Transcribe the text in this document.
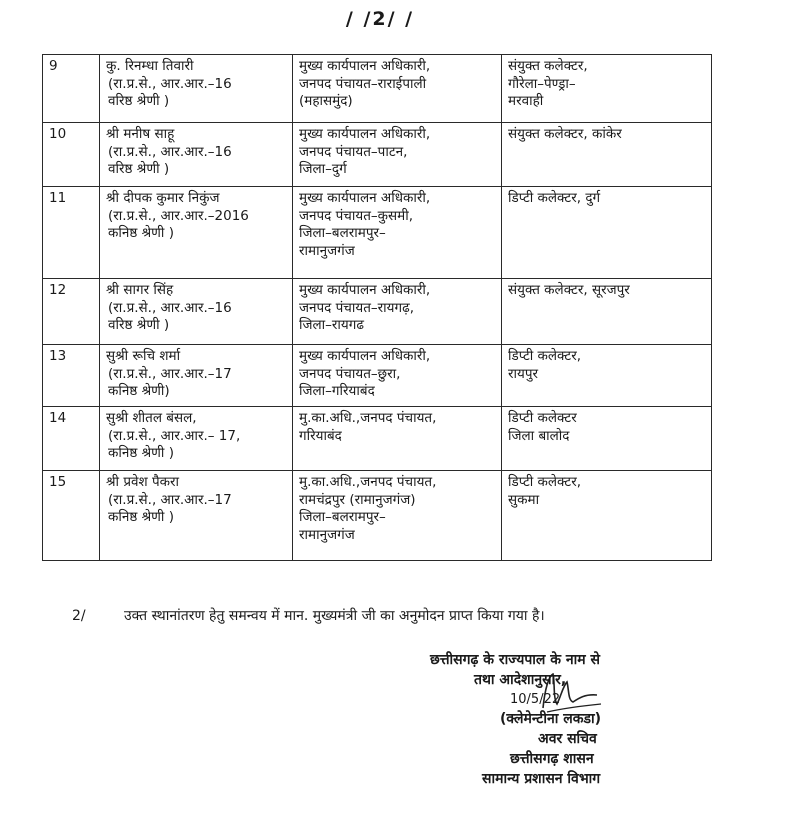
/ /2/ /
9	कु. रिनम्धा तिवारी
(रा.प्र.से., आर.आर.–16
वरिष्ठ श्रेणी )	मुख्य कार्यपालन अधिकारी,
जनपद पंचायत–राराईपाली
(महासमुंद)	संयुक्त कलेक्टर,
गौरेला–पेण्ड्रा–
मरवाही

10	श्री मनीष साहू
(रा.प्र.से., आर.आर.–16
वरिष्ठ श्रेणी )	मुख्य कार्यपालन अधिकारी,
जनपद पंचायत–पाटन,
जिला–दुर्ग	संयुक्त कलेक्टर, कांकेर

11	श्री दीपक कुमार निकुंज
(रा.प्र.से., आर.आर.–2016
कनिष्ठ श्रेणी )	मुख्य कार्यपालन अधिकारी,
जनपद पंचायत–कुसमी,
जिला–बलरामपुर–
रामानुजगंज	डिप्टी कलेक्टर, दुर्ग

12	श्री सागर सिंह
(रा.प्र.से., आर.आर.–16
वरिष्ठ श्रेणी )	मुख्य कार्यपालन अधिकारी,
जनपद पंचायत–रायगढ़,
जिला–रायगढ	संयुक्त कलेक्टर, सूरजपुर

13	सुश्री रूचि शर्मा
(रा.प्र.से., आर.आर.–17
कनिष्ठ श्रेणी)	मुख्य कार्यपालन अधिकारी,
जनपद पंचायत–छुरा,
जिला–गरियाबंद	डिप्टी कलेक्टर,
रायपुर

14	सुश्री शीतल बंसल,
(रा.प्र.से., आर.आर.– 17,
कनिष्ठ श्रेणी )	मु.का.अधि.,जनपद पंचायत,
गरियाबंद	डिप्टी कलेक्टर
जिला बालोद

15	श्री प्रवेश पैकरा
(रा.प्र.से., आर.आर.–17
कनिष्ठ श्रेणी )	मु.का.अधि.,जनपद पंचायत,
रामचंद्रपुर (रामानुजगंज)
जिला–बलरामपुर–
रामानुजगंज	डिप्टी कलेक्टर,
सुकमा
2/	उक्त स्थानांतरण हेतु समन्वय में मान. मुख्यमंत्री जी का अनुमोदन प्राप्त किया गया है।
छत्तीसगढ़ के राज्यपाल के नाम से
तथा आदेशानुसार,
10/5/22
(क्लेमेन्टीना लकडा)
अवर सचिव
छत्तीसगढ़ शासन
सामान्य प्रशासन विभाग
